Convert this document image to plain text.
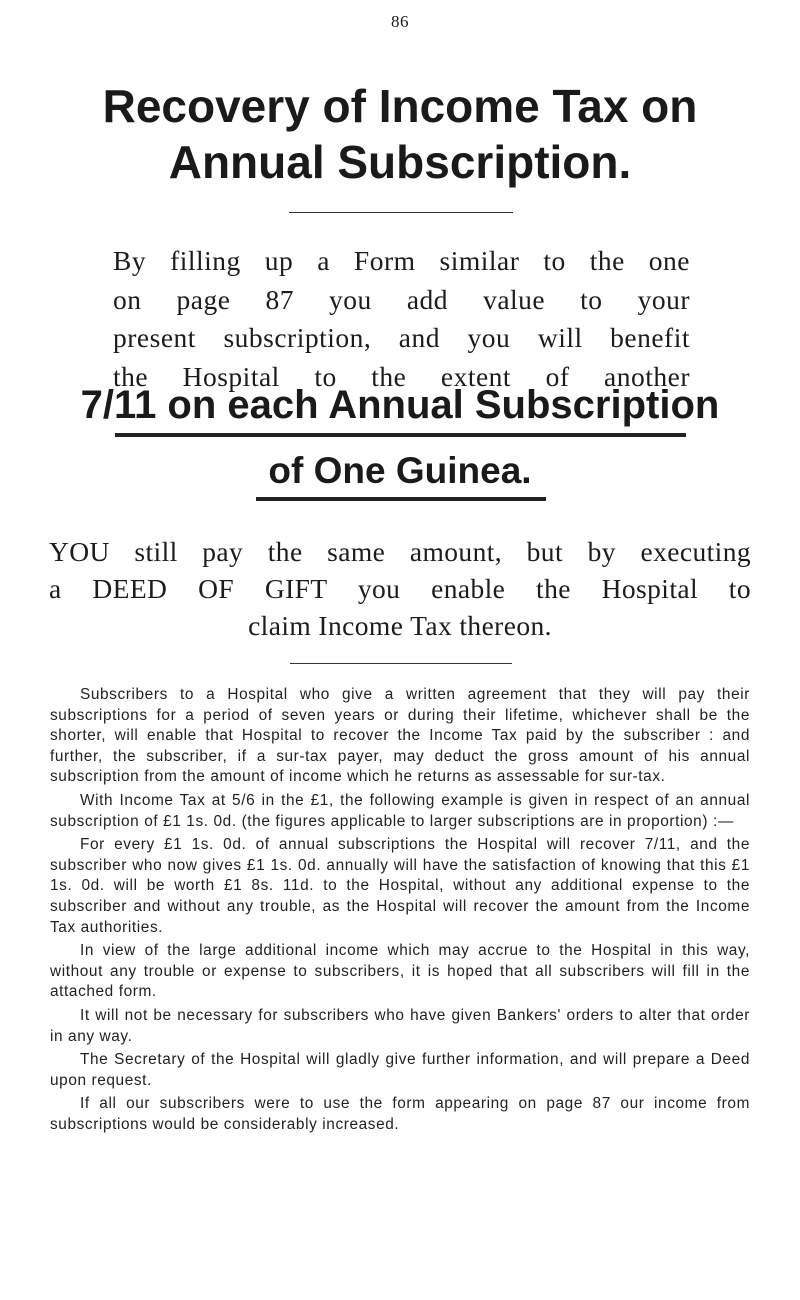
86
Recovery of Income Tax on
Annual Subscription.
By filling up a Form similar to the one
on page 87 you add value to your
present subscription, and you will benefit
the Hospital to the extent of another
7/11 on each Annual Subscription
of One Guinea.
YOU still pay the same amount, but by executing
a DEED OF GIFT you enable the Hospital to
claim Income Tax thereon.

Subscribers to a Hospital who give a written agreement that they will pay their subscriptions for a period of seven years or during their lifetime, whichever shall be the shorter, will enable that Hospital to recover the Income Tax paid by the subscriber : and further, the subscriber, if a sur-tax payer, may deduct the gross amount of his annual subscription from the amount of income which he returns as assessable for sur-tax.

With Income Tax at 5/6 in the £1, the following example is given in respect of an annual subscription of £1 1s. 0d. (the figures applicable to larger subscriptions are in proportion) :—

For every £1 1s. 0d. of annual subscriptions the Hospital will recover 7/11, and the subscriber who now gives £1 1s. 0d. annually will have the satisfaction of knowing that this £1 1s. 0d. will be worth £1 8s. 11d. to the Hospital, without any additional expense to the subscriber and without any trouble, as the Hospital will recover the amount from the Income Tax authorities.

In view of the large additional income which may accrue to the Hospital in this way, without any trouble or expense to subscribers, it is hoped that all subscribers will fill in the attached form.

It will not be necessary for subscribers who have given Bankers' orders to alter that order in any way.

The Secretary of the Hospital will gladly give further information, and will prepare a Deed upon request.

If all our subscribers were to use the form appearing on page 87 our income from subscriptions would be considerably increased.
